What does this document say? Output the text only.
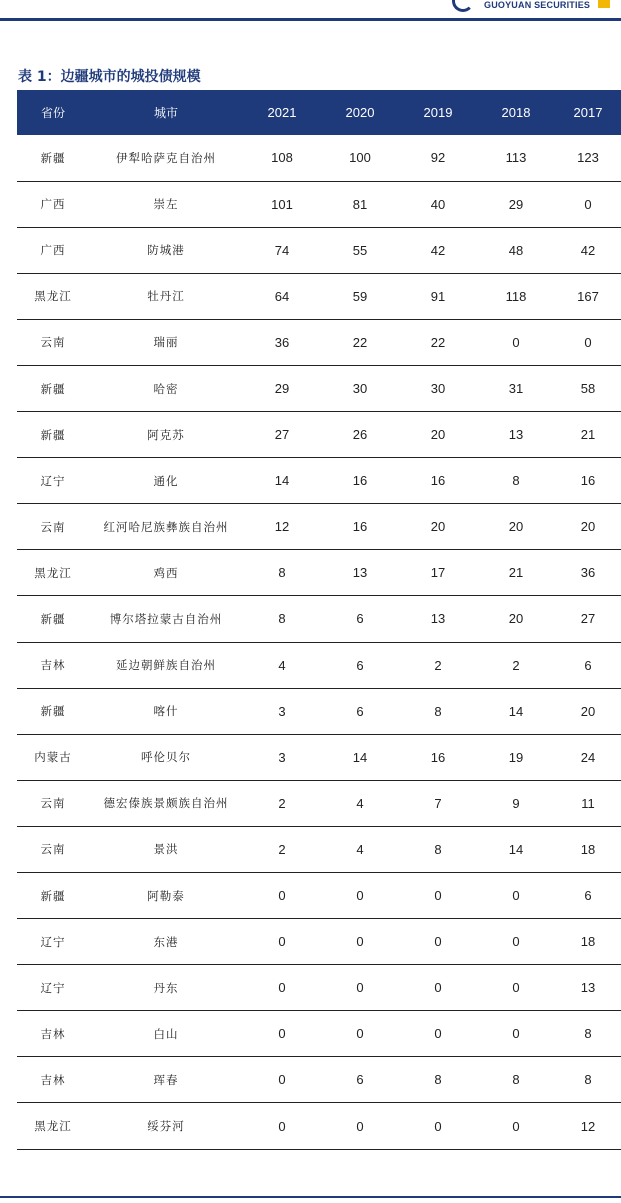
GUOYUAN SECURITIES
表 1：边疆城市的城投债规模
省份	城市	2021	2020	2019	2018	2017
新疆	伊犁哈萨克自治州	108	100	92	113	123
广西	崇左	101	81	40	29	0
广西	防城港	74	55	42	48	42
黑龙江	牡丹江	64	59	91	118	167
云南	瑞丽	36	22	22	0	0
新疆	哈密	29	30	30	31	58
新疆	阿克苏	27	26	20	13	21
辽宁	通化	14	16	16	8	16
云南	红河哈尼族彝族自治州	12	16	20	20	20
黑龙江	鸡西	8	13	17	21	36
新疆	博尔塔拉蒙古自治州	8	6	13	20	27
吉林	延边朝鲜族自治州	4	6	2	2	6
新疆	喀什	3	6	8	14	20
内蒙古	呼伦贝尔	3	14	16	19	24
云南	德宏傣族景颇族自治州	2	4	7	9	11
云南	景洪	2	4	8	14	18
新疆	阿勒泰	0	0	0	0	6
辽宁	东港	0	0	0	0	18
辽宁	丹东	0	0	0	0	13
吉林	白山	0	0	0	0	8
吉林	珲春	0	6	8	8	8
黑龙江	绥芬河	0	0	0	0	12
